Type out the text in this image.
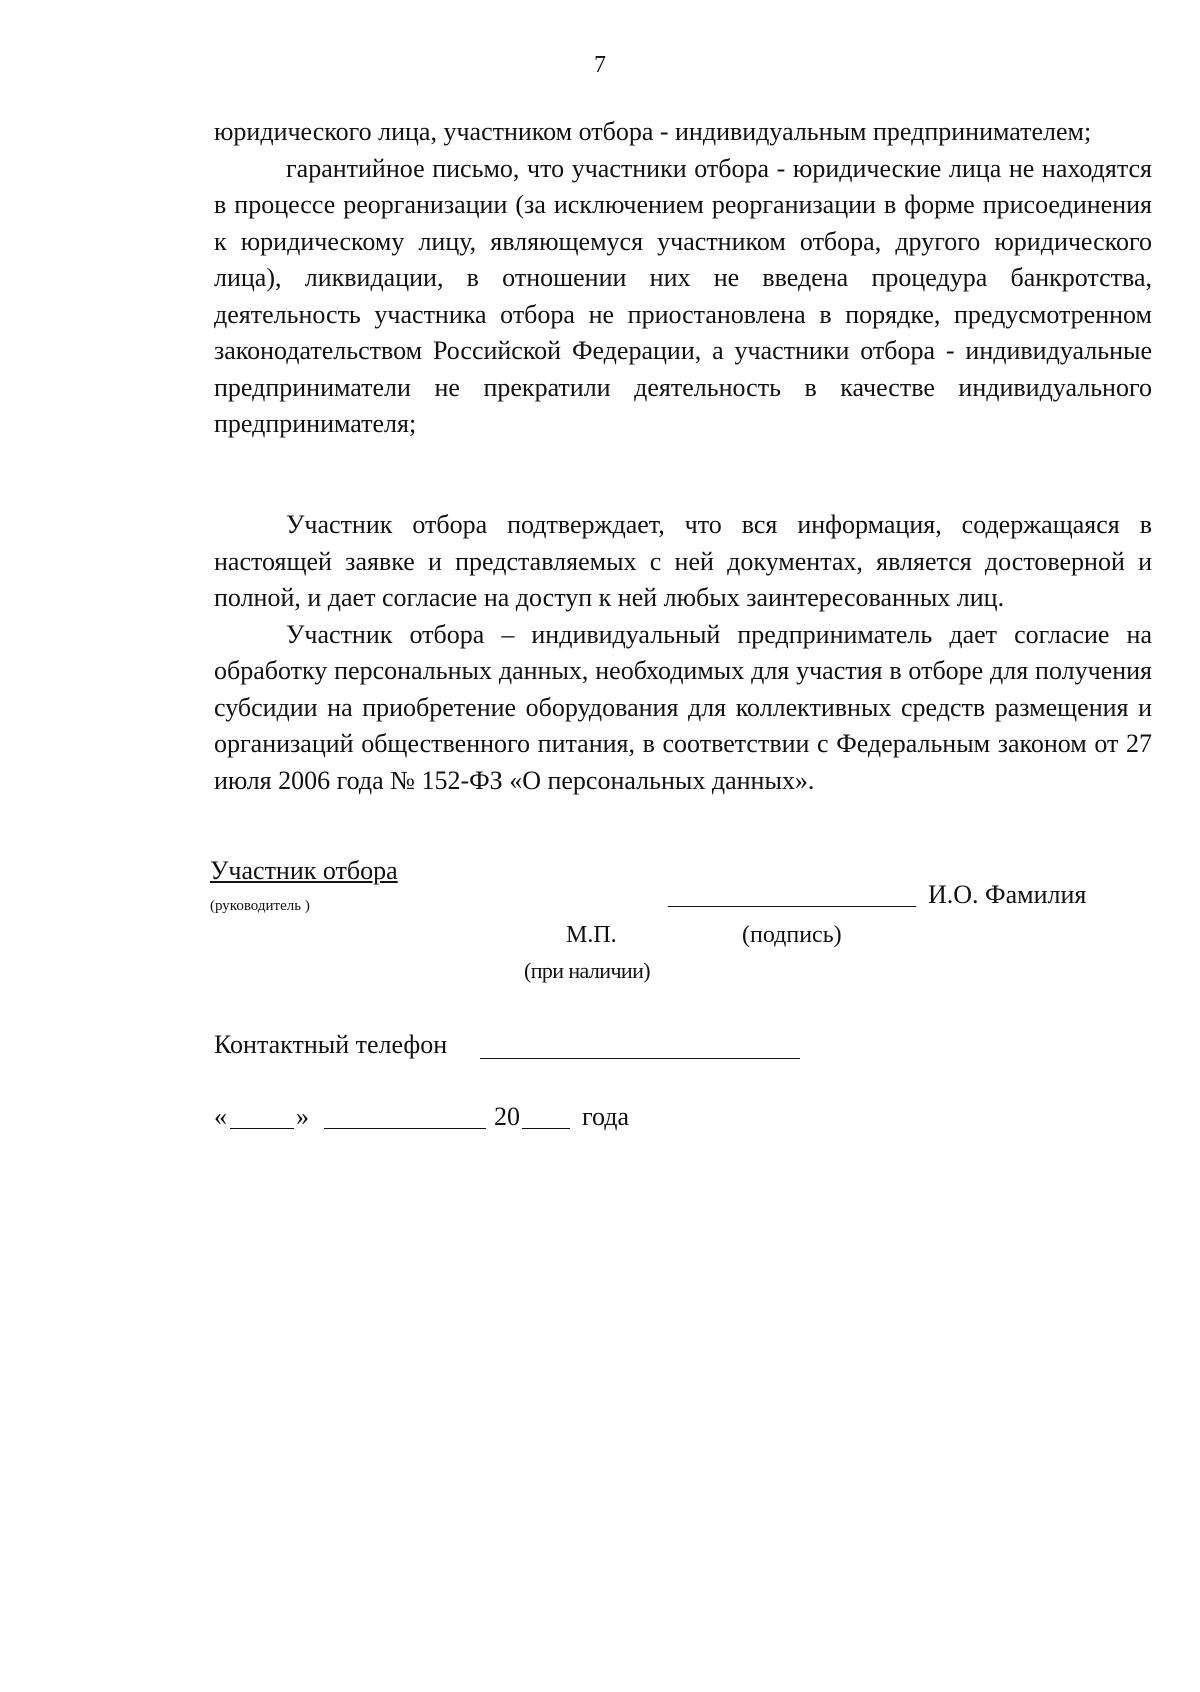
7

юридического лица, участником отбора - индивидуальным предпринимателем;

гарантийное письмо, что участники отбора - юридические лица не находятся в процессе реорганизации (за исключением реорганизации в форме присоединения к юридическому лицу, являющемуся участником отбора, другого юридического лица), ликвидации, в отношении них не введена процедура банкротства, деятельность участника отбора не приостановлена в порядке, предусмотренном законодательством Российской Федерации, а участники отбора - индивидуальные предприниматели не прекратили деятельность в качестве индивидуального предпринимателя;

Участник отбора подтверждает, что вся информация, содержащаяся в настоящей заявке и представляемых с ней документах, является достоверной и полной, и дает согласие на доступ к ней любых заинтересованных лиц.

Участник отбора – индивидуальный предприниматель дает согласие на обработку персональных данных, необходимых для участия в отборе для получения субсидии на приобретение оборудования для коллективных средств размещения и организаций общественного питания, в соответствии с Федеральным законом от 27 июля 2006 года № 152-ФЗ «О персональных данных».

Участник отбора
(руководитель )	И.О. Фамилия
М.П.
(при наличии)
(подпись)
Контактный телефон
«	»	20 года
